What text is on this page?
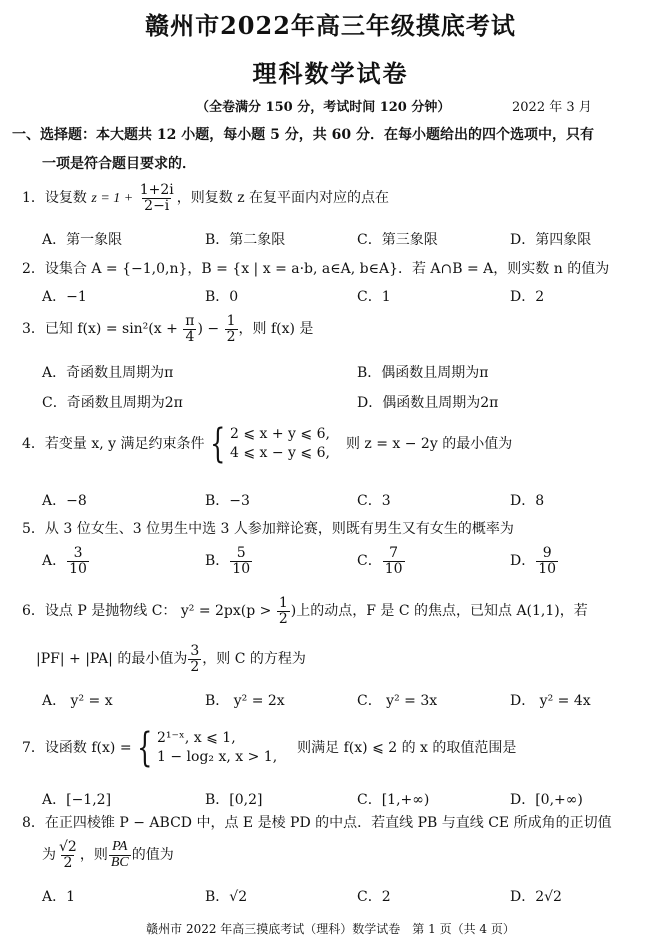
赣州市2022年高三年级摸底考试
理科数学试卷
（全卷满分 150 分，考试时间 120 分钟）	2022 年 3 月
一、选择题：本大题共 12 小题，每小题 5 分，共 60 分．在每小题给出的四个选项中，只有
一项是符合题目要求的．
1．设复数 $z = 1 + \frac{1+2i}{2-i}$ ，则复数 z 在复平面内对应的点在
A．第一象限	B．第二象限	C．第三象限	D．第四象限
2．设集合 A = {−1,0,n}，B = {x | x = a·b, a∈A, b∈A}．若 A∩B = A，则实数 n 的值为
A．−1	B．0	C．1	D．2
3．已知 $f(x) = \sin^2(x + \frac{\pi}{4}$ ) − $\frac{1}{2}$ ，则 f(x) 是
A．奇函数且周期为π	B．偶函数且周期为π
C．奇函数且周期为2π	D．偶函数且周期为2π
4．若变量 x, y 满足约束条件 { 2 ⩽ x + y ⩽ 6,
4 ⩽ x − y ⩽ 6,
则 z = x − 2y 的最小值为
A．−8	B．−3	C．3	D．8
5．从 3 位女生、3 位男生中选 3 人参加辩论赛，则既有男生又有女生的概率为
A． $\frac{3}{10}$	B． $\frac{5}{10}$	C． $\frac{7}{10}$	D． $\frac{9}{10}$
6．设点 P 是抛物线 C： $y^2 = 2px(p > \frac{1}{2}$ )上的动点，F 是 C 的焦点，已知点 A(1,1)，若
|PF| + |PA| 的最小值为 $\frac{3}{2}$ ，则 C 的方程为
A． y² = x	B． y² = 2x	C． y² = 3x	D． y² = 4x
7．设函数 f(x) = { 2¹⁻ˣ, x ⩽ 1,
1 − log₂ x, x > 1,
则满足 f(x) ⩽ 2 的 x 的取值范围是
A．[−1,2]	B．[0,2]	C．[1,+∞)	D．[0,+∞)
8．在正四棱锥 P − ABCD 中，点 E 是棱 PD 的中点．若直线 PB 与直线 CE 所成角的正切值
为 $\frac{√2}{2}$ ，则 $\frac{PA}{BC}$ 的值为
A．1	B．√2	C．2	D．2√2
赣州市 2022 年高三摸底考试（理科）数学试卷　第 1 页（共 4 页）
